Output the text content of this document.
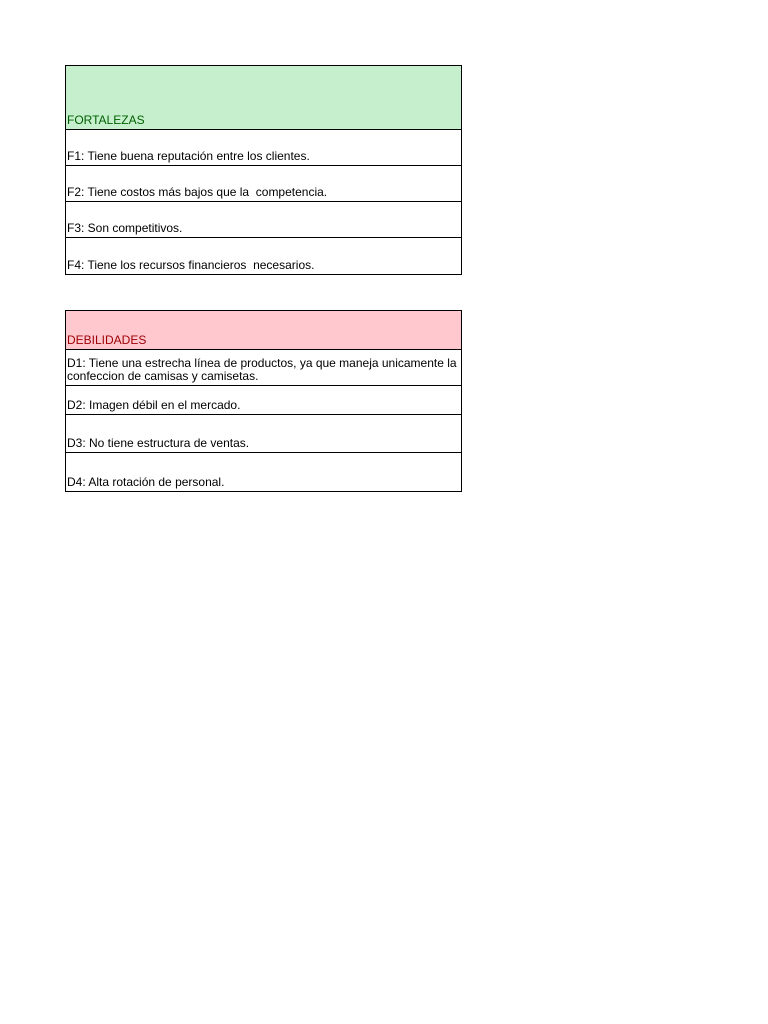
FORTALEZAS
F1: Tiene buena reputación entre los clientes.
F2: Tiene costos más bajos que la  competencia.
F3: Son competitivos.
F4: Tiene los recursos financieros  necesarios.
DEBILIDADES
D1: Tiene una estrecha línea de productos, ya que maneja unicamente la confeccion de camisas y camisetas.
D2: Imagen débil en el mercado.
D3: No tiene estructura de ventas.
D4: Alta rotación de personal.
